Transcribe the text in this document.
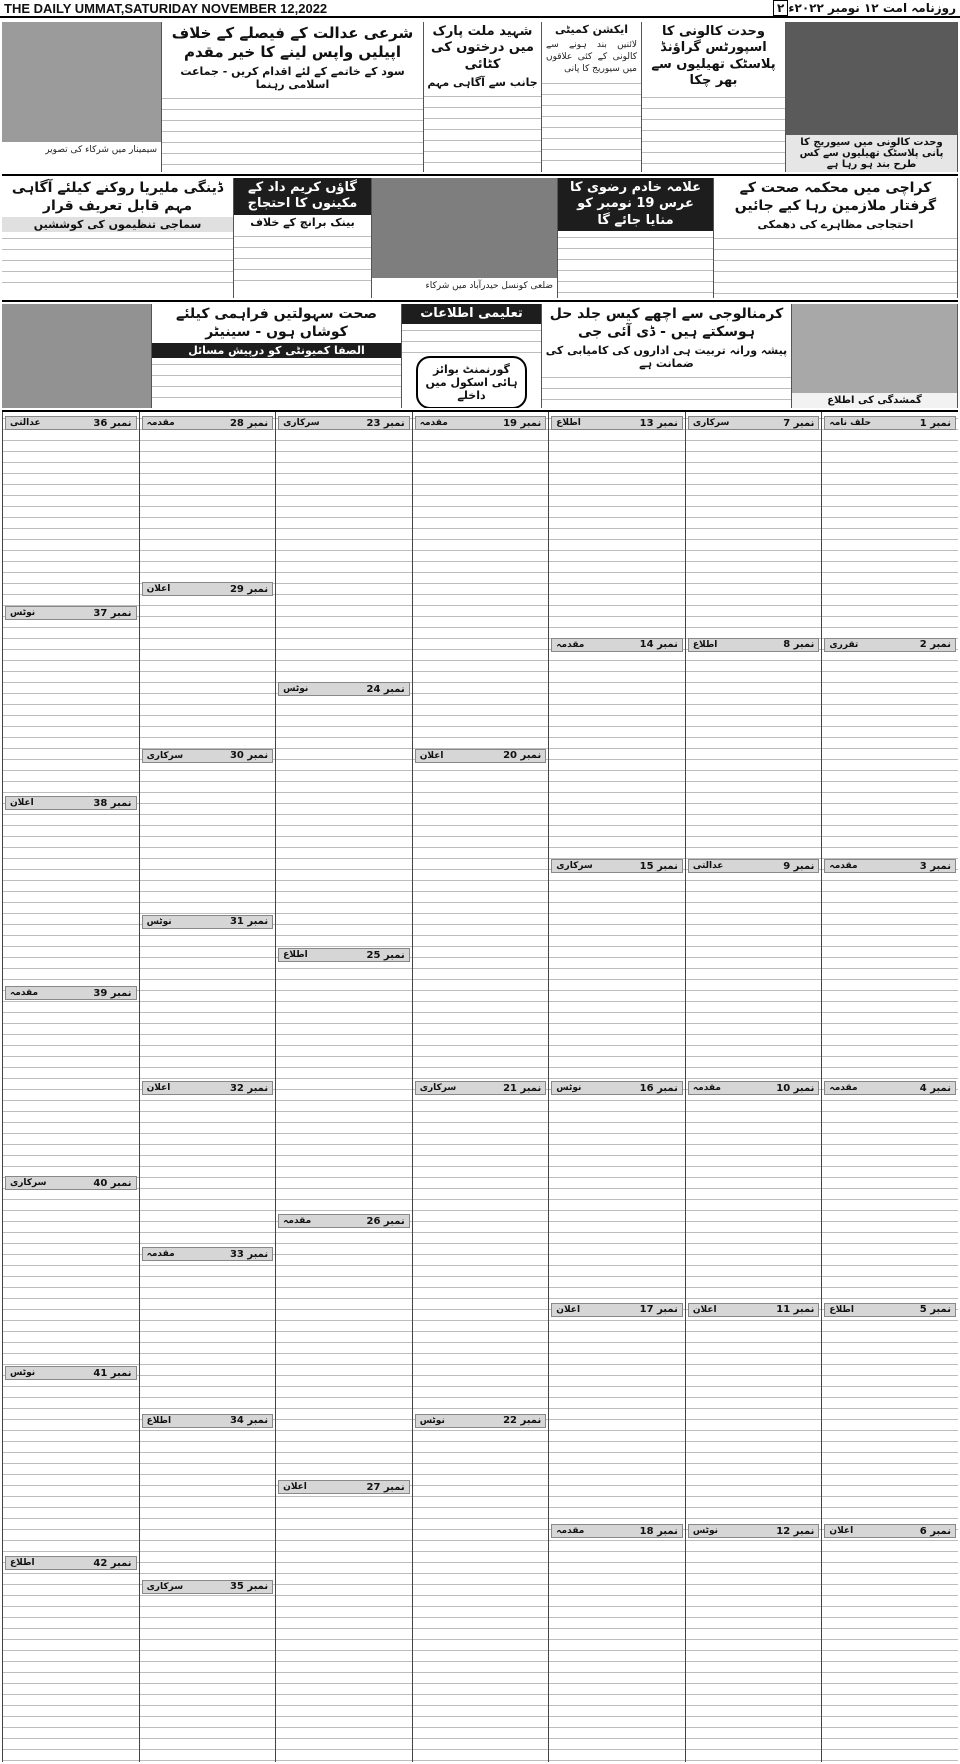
THE DAILY UMMAT,SATURIDAY NOVEMBER 12,2022	روزنامہ امت ۱۲ نومبر ۲۰۲۲ء۲
وحدت کالونی میں سیوریج کا پانی پلاسٹک تھیلیوں سے کس طرح بند ہو رہا ہے
وحدت کالونی کا اسپورٹس گراؤنڈ پلاسٹک تھیلیوں سے بھر چکا
ایکشن کمیٹی
لائنیں بند ہونے سے کالونی کے کئی علاقوں میں سیوریج کا پانی
شہید ملت پارک میں درختوں کی کٹائی
جانب سے آگاہی مہم
شرعی عدالت کے فیصلے کے خلاف اپیلیں واپس لینے کا خیر مقدم
سود کے خاتمے کے لئے اقدام کریں - جماعت اسلامی رہنما
سیمینار میں شرکاء کی تصویر
کراچی میں محکمہ صحت کے گرفتار ملازمین رہا کیے جائیں
احتجاجی مظاہرے کی دھمکی
علامہ خادم رضوی کا عرس 19 نومبر کو منایا جائے گا
ضلعی کونسل حیدرآباد میں شرکاء
گاؤں کریم داد کے مکینوں کا احتجاج
بینک برانچ کے خلاف
ڈینگی ملیریا روکنے کیلئے آگاہی مہم قابل تعریف قرار
سماجی تنظیموں کی کوششیں
گمشدگی کی اطلاع
کرمنالوجی سے اچھے کیس جلد حل ہوسکتے ہیں - ڈی آئی جی
پیشہ ورانہ تربیت ہی اداروں کی کامیابی کی ضمانت ہے
تعلیمی اطلاعات
گورنمنٹ بوائز ہائی اسکول میں داخلے
صحت سہولتیں فراہمی کیلئے کوشاں ہوں - سینیٹر
الصفا کمیونٹی کو درپیش مسائل
نمبر 1
حلف نامہ
نمبر 2
تقرری
نمبر 3
مقدمہ
نمبر 4
مقدمہ
نمبر 5
اطلاع
نمبر 6
اعلان
نمبر 7
سرکاری
نمبر 8
اطلاع
نمبر 9
عدالتی
نمبر 10
مقدمہ
نمبر 11
اعلان
نمبر 12
نوٹس
نمبر 13
اطلاع
نمبر 14
مقدمہ
نمبر 15
سرکاری
نمبر 16
نوٹس
نمبر 17
اعلان
نمبر 18
مقدمہ
نمبر 19
مقدمہ
نمبر 20
اعلان
نمبر 21
سرکاری
نمبر 22
نوٹس
نمبر 23
سرکاری
نمبر 24
نوٹس
نمبر 25
اطلاع
نمبر 26
مقدمہ
نمبر 27
اعلان
نمبر 28
مقدمہ
نمبر 29
اعلان
نمبر 30
سرکاری
نمبر 31
نوٹس
نمبر 32
اعلان
نمبر 33
مقدمہ
نمبر 34
اطلاع
نمبر 35
سرکاری
نمبر 36
عدالتی
نمبر 37
نوٹس
نمبر 38
اعلان
نمبر 39
مقدمہ
نمبر 40
سرکاری
نمبر 41
نوٹس
نمبر 42
اطلاع
